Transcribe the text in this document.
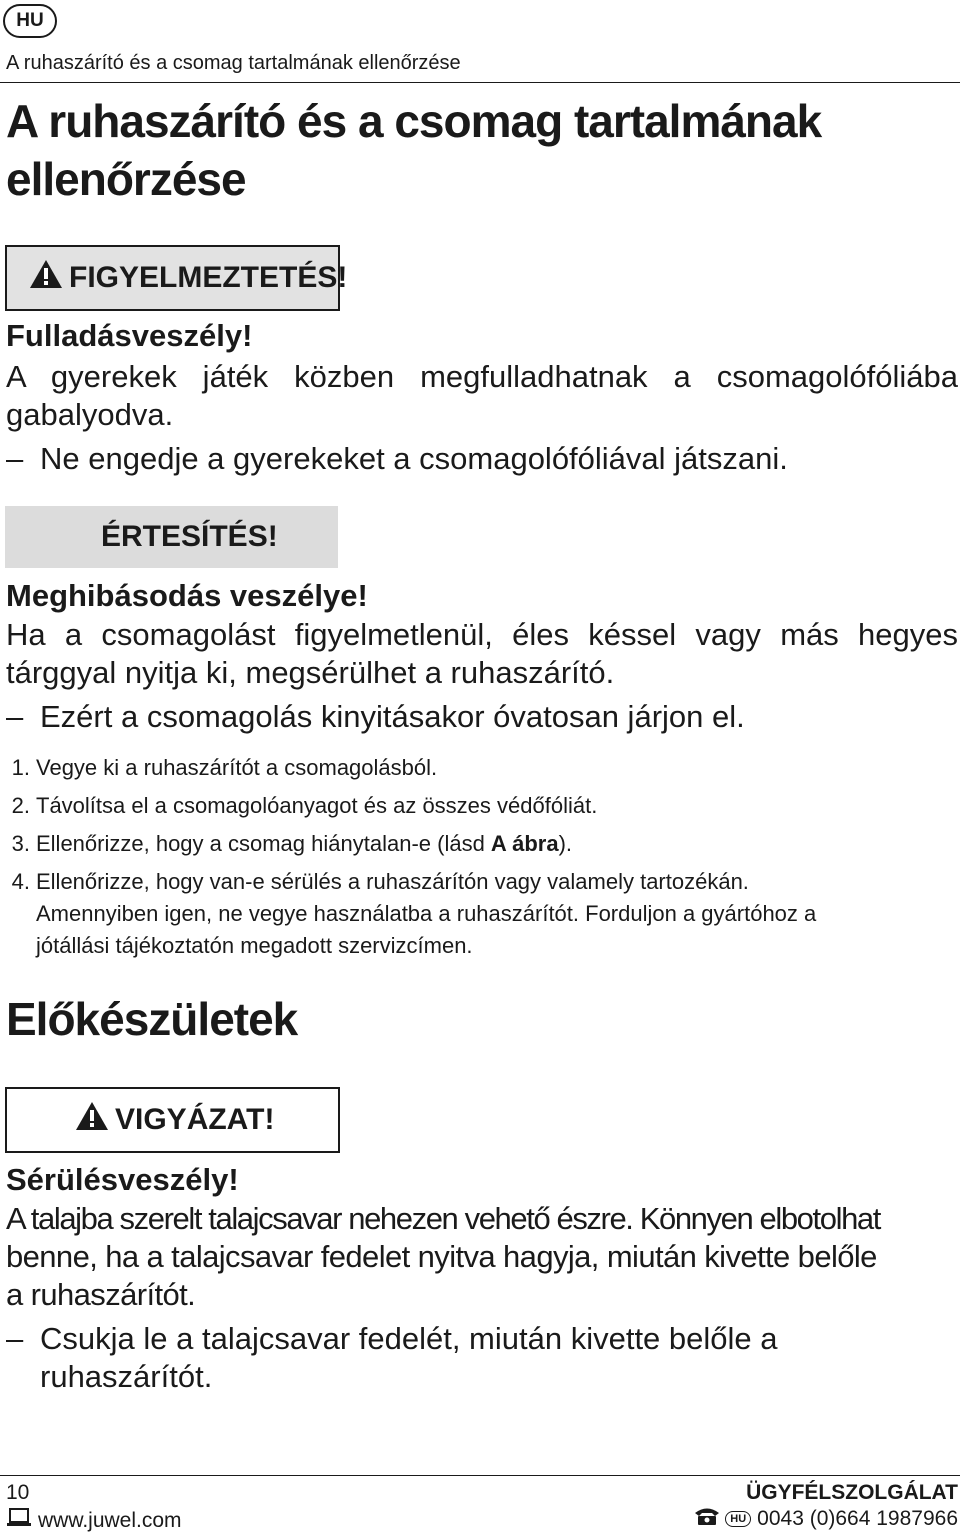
HU
A ruhaszárító és a csomag tartalmának ellenőrzése
A ruhaszárító és a csomag tartalmának
ellenőrzése
FIGYELMEZTETÉS!
Fulladásveszély!
A gyerekek játék közben megfulladhatnak a csomagolófóliába
gabalyodva.
– Ne engedje a gyerekeket a csomagolófóliával játszani.
ÉRTESÍTÉS!
Meghibásodás veszélye!
Ha a csomagolást figyelmetlenül, éles késsel vagy más hegyes
tárggyal nyitja ki, megsérülhet a ruhaszárító.
– Ezért a csomagolás kinyitásakor óvatosan járjon el.
1. Vegye ki a ruhaszárítót a csomagolásból.
2. Távolítsa el a csomagolóanyagot és az összes védőfóliát.
3. Ellenőrizze, hogy a csomag hiánytalan-e (lásd A ábra).
4. Ellenőrizze, hogy van-e sérülés a ruhaszárítón vagy valamely tartozékán.
Amennyiben igen, ne vegye használatba a ruhaszárítót. Forduljon a gyártóhoz a
jótállási tájékoztatón megadott szervizcímen.
Előkészületek
VIGYÁZAT!
Sérülésveszély!
A talajba szerelt talajcsavar nehezen vehető észre. Könnyen elbotolhat
benne, ha a talajcsavar fedelet nyitva hagyja, miután kivette belőle
a ruhaszárítót.
– Csukja le a talajcsavar fedelét, miután kivette belőle a
ruhaszárítót.
10
www.juwel.com
ÜGYFÉLSZOLGÁLAT
HU 0043 (0)664 1987966
